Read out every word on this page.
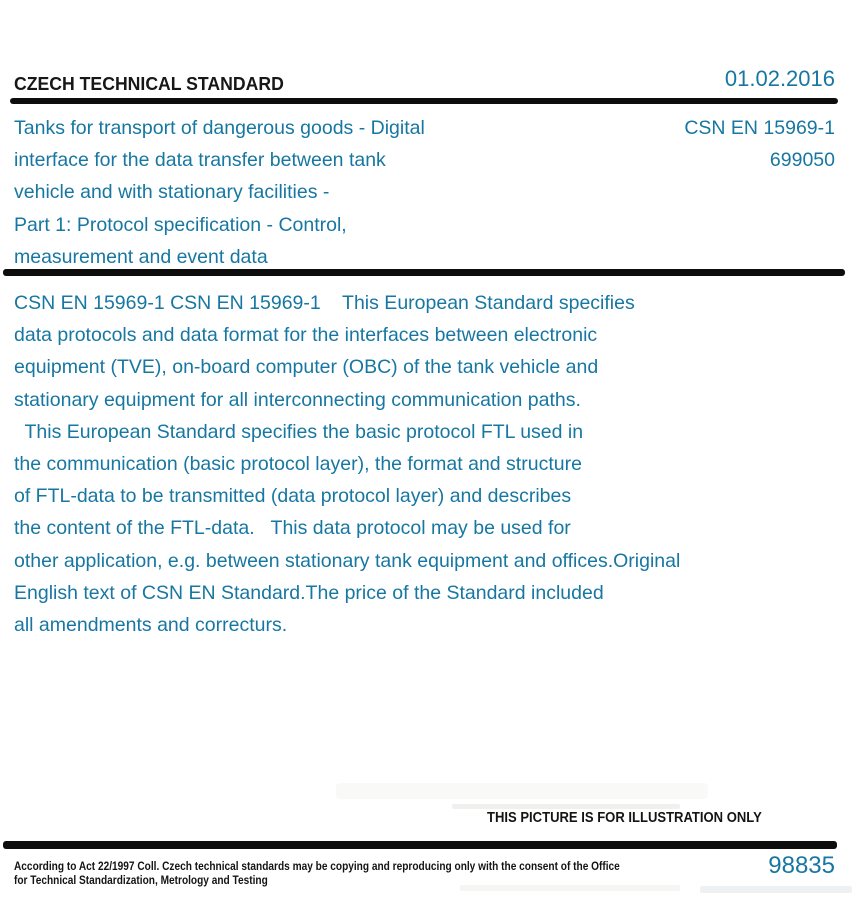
CZECH TECHNICAL STANDARD	01.02.2016
Tanks for transport of dangerous goods - Digital
interface for the data transfer between tank
vehicle and with stationary facilities -
Part 1: Protocol specification - Control,
measurement and event data
CSN EN 15969-1
699050
CSN EN 15969-1 CSN EN 15969-1    This European Standard specifies
data protocols and data format for the interfaces between electronic
equipment (TVE), on-board computer (OBC) of the tank vehicle and
stationary equipment for all interconnecting communication paths.
This European Standard specifies the basic protocol FTL used in
the communication (basic protocol layer), the format and structure
of FTL-data to be transmitted (data protocol layer) and describes
the content of the FTL-data.   This data protocol may be used for
other application, e.g. between stationary tank equipment and offices.Original
English text of CSN EN Standard.The price of the Standard included
all amendments and correcturs.
THIS PICTURE IS FOR ILLUSTRATION ONLY
According to Act 22/1997 Coll. Czech technical standards may be copying and reproducing only with the consent of the Office
for Technical Standardization, Metrology and Testing
98835
